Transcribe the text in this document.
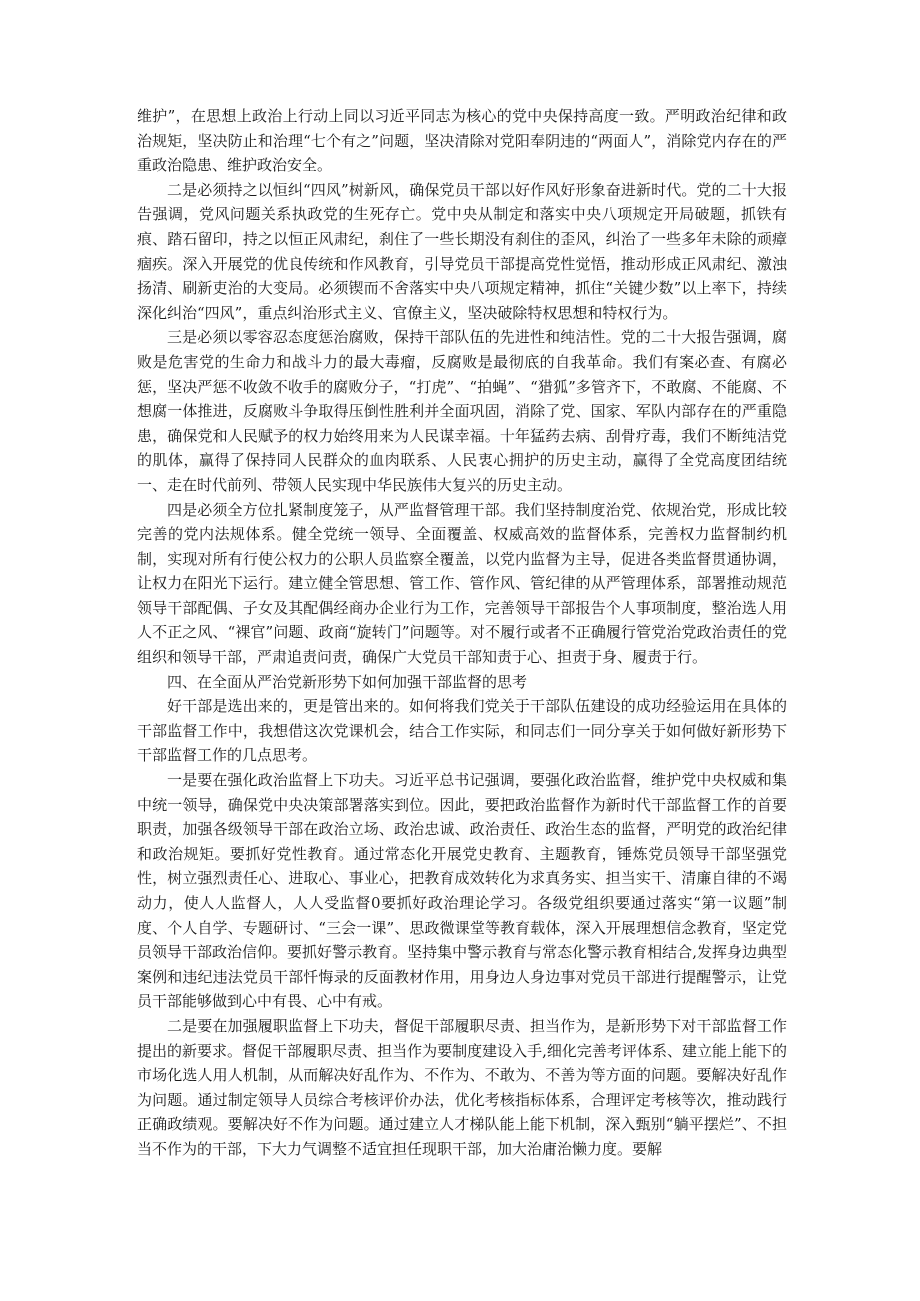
维护”，在思想上政治上行动上同以习近平同志为核心的党中央保持高度一致。严明政治纪律和政治规矩，坚决防止和治理“七个有之”问题，坚决清除对党阳奉阴违的“两面人”，消除党内存在的严重政治隐患、维护政治安全。

二是必须持之以恒纠“四风”树新风，确保党员干部以好作风好形象奋进新时代。党的二十大报告强调，党风问题关系执政党的生死存亡。党中央从制定和落实中央八项规定开局破题，抓铁有痕、踏石留印，持之以恒正风肃纪，刹住了一些长期没有刹住的歪风，纠治了一些多年未除的顽瘴痼疾。深入开展党的优良传统和作风教育，引导党员干部提高党性觉悟，推动形成正风肃纪、激浊扬清、刷新吏治的大变局。必须锲而不舍落实中央八项规定精神，抓住“关键少数”以上率下，持续深化纠治“四风”，重点纠治形式主义、官僚主义，坚决破除特权思想和特权行为。

三是必须以零容忍态度惩治腐败，保持干部队伍的先进性和纯洁性。党的二十大报告强调，腐败是危害党的生命力和战斗力的最大毒瘤，反腐败是最彻底的自我革命。我们有案必查、有腐必惩，坚决严惩不收敛不收手的腐败分子，“打虎”、“拍蝇”、“猎狐”多管齐下，不敢腐、不能腐、不想腐一体推进，反腐败斗争取得压倒性胜利并全面巩固，消除了党、国家、军队内部存在的严重隐患，确保党和人民赋予的权力始终用来为人民谋幸福。十年猛药去病、刮骨疗毒，我们不断纯洁党的肌体，赢得了保持同人民群众的血肉联系、人民衷心拥护的历史主动，赢得了全党高度团结统一、走在时代前列、带领人民实现中华民族伟大复兴的历史主动。

四是必须全方位扎紧制度笼子，从严监督管理干部。我们坚持制度治党、依规治党，形成比较完善的党内法规体系。健全党统一领导、全面覆盖、权威高效的监督体系，完善权力监督制约机制，实现对所有行使公权力的公职人员监察全覆盖，以党内监督为主导，促进各类监督贯通协调，让权力在阳光下运行。建立健全管思想、管工作、管作风、管纪律的从严管理体系，部署推动规范领导干部配偶、子女及其配偶经商办企业行为工作，完善领导干部报告个人事项制度，整治选人用人不正之风、“裸官”问题、政商“旋转门”问题等。对不履行或者不正确履行管党治党政治责任的党组织和领导干部，严肃追责问责，确保广大党员干部知责于心、担责于身、履责于行。

四、在全面从严治党新形势下如何加强干部监督的思考

好干部是选出来的，更是管出来的。如何将我们党关于干部队伍建设的成功经验运用在具体的干部监督工作中，我想借这次党课机会，结合工作实际，和同志们一同分享关于如何做好新形势下干部监督工作的几点思考。

一是要在强化政治监督上下功夫。习近平总书记强调，要强化政治监督，维护党中央权威和集中统一领导，确保党中央决策部署落实到位。因此，要把政治监督作为新时代干部监督工作的首要职责，加强各级领导干部在政治立场、政治忠诚、政治责任、政治生态的监督，严明党的政治纪律和政治规矩。要抓好党性教育。通过常态化开展党史教育、主题教育，锤炼党员领导干部坚强党性，树立强烈责任心、进取心、事业心，把教育成效转化为求真务实、担当实干、清廉自律的不竭动力，使人人监督人，人人受监督0要抓好政治理论学习。各级党组织要通过落实“第一议题”制度、个人自学、专题研讨、“三会一课”、思政微课堂等教育载体，深入开展理想信念教育，坚定党员领导干部政治信仰。要抓好警示教育。坚持集中警示教育与常态化警示教育相结合,发挥身边典型案例和违纪违法党员干部忏悔录的反面教材作用，用身边人身边事对党员干部进行提醒警示，让党员干部能够做到心中有畏、心中有戒。

二是要在加强履职监督上下功夫，督促干部履职尽责、担当作为，是新形势下对干部监督工作提出的新要求。督促干部履职尽责、担当作为要制度建设入手,细化完善考评体系、建立能上能下的市场化选人用人机制，从而解决好乱作为、不作为、不敢为、不善为等方面的问题。要解决好乱作为问题。通过制定领导人员综合考核评价办法，优化考核指标体系，合理评定考核等次，推动践行正确政绩观。要解决好不作为问题。通过建立人才梯队能上能下机制，深入甄别“躺平摆烂”、不担当不作为的干部，下大力气调整不适宜担任现职干部，加大治庸治懒力度。要解
